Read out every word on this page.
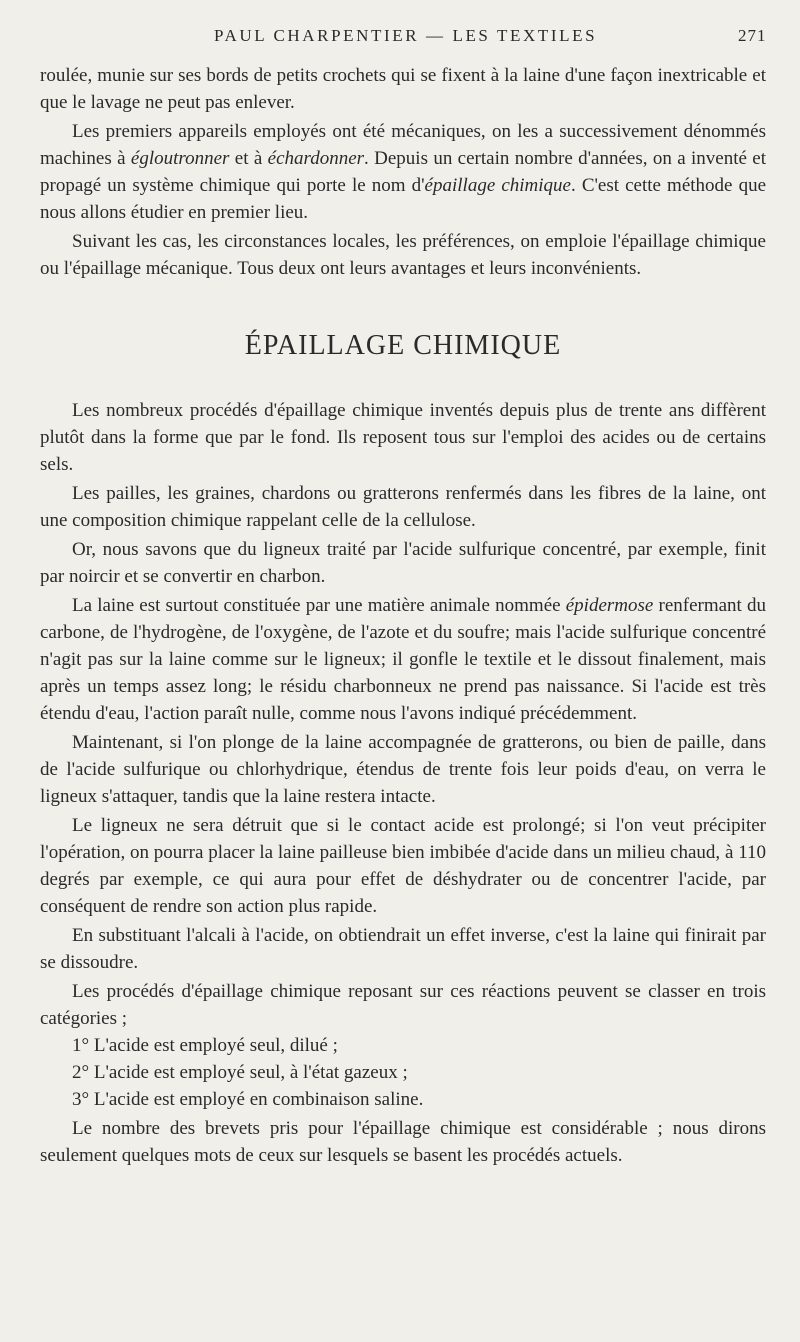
PAUL CHARPENTIER — LES TEXTILES	271

roulée, munie sur ses bords de petits crochets qui se fixent à la laine d'une façon inextricable et que le lavage ne peut pas enlever.

Les premiers appareils employés ont été mécaniques, on les a successivement dénommés machines à égloutronner et à échardonner. Depuis un certain nombre d'années, on a inventé et propagé un système chimique qui porte le nom d'épaillage chimique. C'est cette méthode que nous allons étudier en premier lieu.

Suivant les cas, les circonstances locales, les préférences, on emploie l'épaillage chimique ou l'épaillage mécanique. Tous deux ont leurs avantages et leurs inconvénients.

ÉPAILLAGE CHIMIQUE

Les nombreux procédés d'épaillage chimique inventés depuis plus de trente ans diffèrent plutôt dans la forme que par le fond. Ils reposent tous sur l'emploi des acides ou de certains sels.

Les pailles, les graines, chardons ou gratterons renfermés dans les fibres de la laine, ont une composition chimique rappelant celle de la cellulose.

Or, nous savons que du ligneux traité par l'acide sulfurique concentré, par exemple, finit par noircir et se convertir en charbon.

La laine est surtout constituée par une matière animale nommée épidermose renfermant du carbone, de l'hydrogène, de l'oxygène, de l'azote et du soufre; mais l'acide sulfurique concentré n'agit pas sur la laine comme sur le ligneux; il gonfle le textile et le dissout finalement, mais après un temps assez long; le résidu charbonneux ne prend pas naissance. Si l'acide est très étendu d'eau, l'action paraît nulle, comme nous l'avons indiqué précédemment.

Maintenant, si l'on plonge de la laine accompagnée de gratterons, ou bien de paille, dans de l'acide sulfurique ou chlorhydrique, étendus de trente fois leur poids d'eau, on verra le ligneux s'attaquer, tandis que la laine restera intacte.

Le ligneux ne sera détruit que si le contact acide est prolongé; si l'on veut précipiter l'opération, on pourra placer la laine pailleuse bien imbibée d'acide dans un milieu chaud, à 110 degrés par exemple, ce qui aura pour effet de déshydrater ou de concentrer l'acide, par conséquent de rendre son action plus rapide.

En substituant l'alcali à l'acide, on obtiendrait un effet inverse, c'est la laine qui finirait par se dissoudre.

Les procédés d'épaillage chimique reposant sur ces réactions peuvent se classer en trois catégories ;

1° L'acide est employé seul, dilué ;

2° L'acide est employé seul, à l'état gazeux ;

3° L'acide est employé en combinaison saline.

Le nombre des brevets pris pour l'épaillage chimique est considérable ; nous dirons seulement quelques mots de ceux sur lesquels se basent les procédés actuels.
